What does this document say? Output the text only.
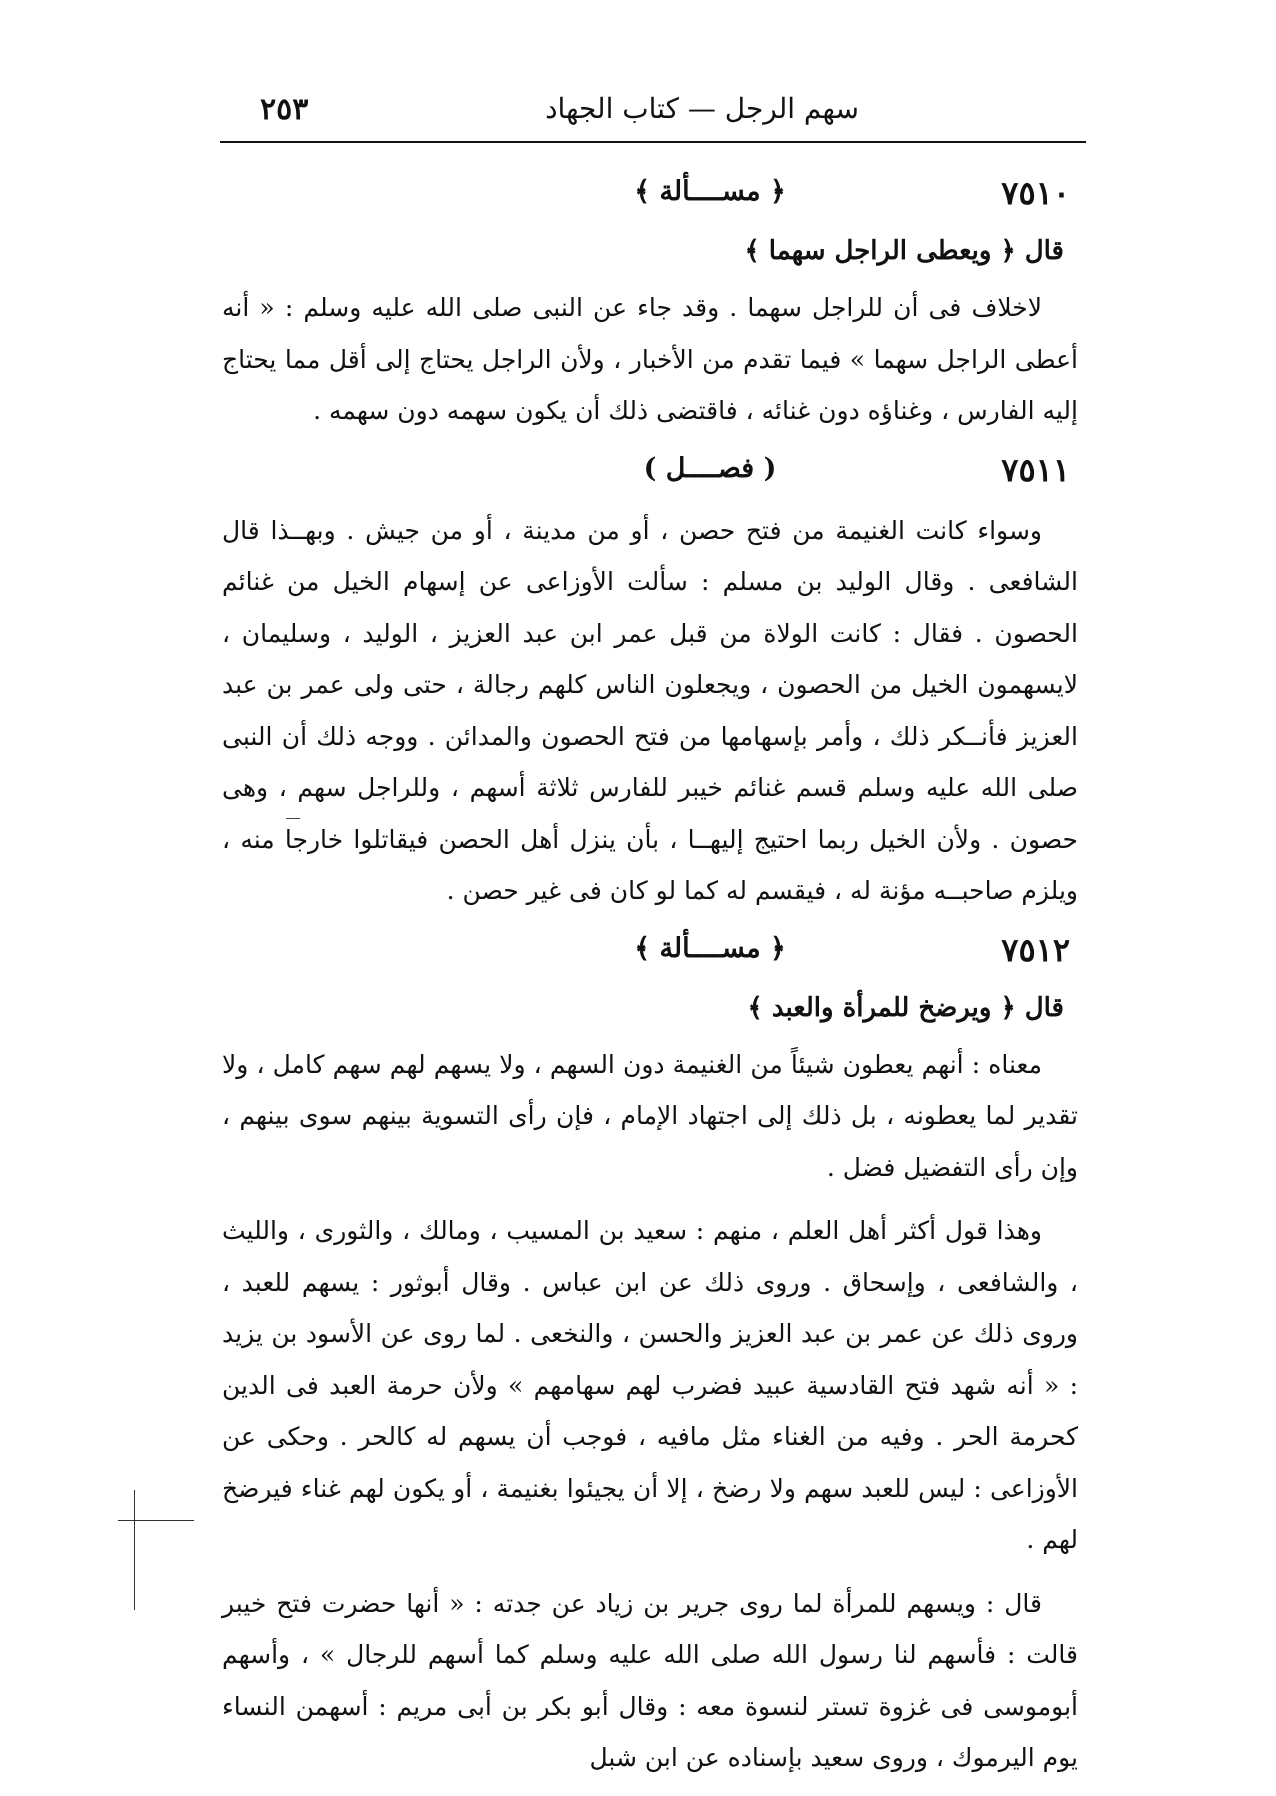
٢٥٣	سهم الرجل — كتاب الجهاد
٧٥١٠
﴿ مســــألة ﴾
قال ﴿ ويعطى الراجل سهما ﴾

لاخلاف فى أن للراجل سهما . وقد جاء عن النبى صلى الله عليه وسلم : « أنه أعطى الراجل سهما » فيما تقدم من الأخبار ، ولأن الراجل يحتاج إلى أقل مما يحتاج إليه الفارس ، وغناؤه دون غنائه ، فاقتضى ذلك أن يكون سهمه دون سهمه .

٧٥١١
( فصــــل )

وسواء كانت الغنيمة من فتح حصن ، أو من مدينة ، أو من جيش . وبهــذا قال الشافعى . وقال الوليد بن مسلم : سألت الأوزاعى عن إسهام الخيل من غنائم الحصون . فقال : كانت الولاة من قبل عمر ابن عبد العزيز ، الوليد ، وسليمان ، لايسهمون الخيل من الحصون ، ويجعلون الناس كلهم رجالة ، حتى ولى عمر بن عبد العزيز فأنــكر ذلك ، وأمر بإسهامها من فتح الحصون والمدائن . ووجه ذلك أن النبى صلى الله عليه وسلم قسم غنائم خيبر للفارس ثلاثة أسهم ، وللراجل سهم ، وهى حصون . ولأن الخيل ربما احتيج إليهــا ، بأن ينزل أهل الحصن فيقاتلوا خارجا منه ، ويلزم صاحبــه مؤنة له ، فيقسم له كما لو كان فى غير حصن .

٧٥١٢
﴿ مســــألة ﴾
قال ﴿ ويرضخ للمرأة والعبد ﴾

معناه : أنهم يعطون شيئاً من الغنيمة دون السهم ، ولا يسهم لهم سهم كامل ، ولا تقدير لما يعطونه ، بل ذلك إلى اجتهاد الإمام ، فإن رأى التسوية بينهم سوى بينهم ، وإن رأى التفضيل فضل .

وهذا قول أكثر أهل العلم ، منهم : سعيد بن المسيب ، ومالك ، والثورى ، والليث ، والشافعى ، وإسحاق . وروى ذلك عن ابن عباس . وقال أبوثور : يسهم للعبد ، وروى ذلك عن عمر بن عبد العزيز والحسن ، والنخعى . لما روى عن الأسود بن يزيد : « أنه شهد فتح القادسية عبيد فضرب لهم سهامهم » ولأن حرمة العبد فى الدين كحرمة الحر . وفيه من الغناء مثل مافيه ، فوجب أن يسهم له كالحر . وحكى عن الأوزاعى : ليس للعبد سهم ولا رضخ ، إلا أن يجيئوا بغنيمة ، أو يكون لهم غناء فيرضخ لهم .

قال : ويسهم للمرأة لما روى جرير بن زياد عن جدته : « أنها حضرت فتح خيبر قالت : فأسهم لنا رسول الله صلى الله عليه وسلم كما أسهم للرجال » ، وأسهم أبوموسى فى غزوة تستر لنسوة معه : وقال أبو بكر بن أبى مريم : أسهمن النساء يوم اليرموك ، وروى سعيد بإسناده عن ابن شبل
